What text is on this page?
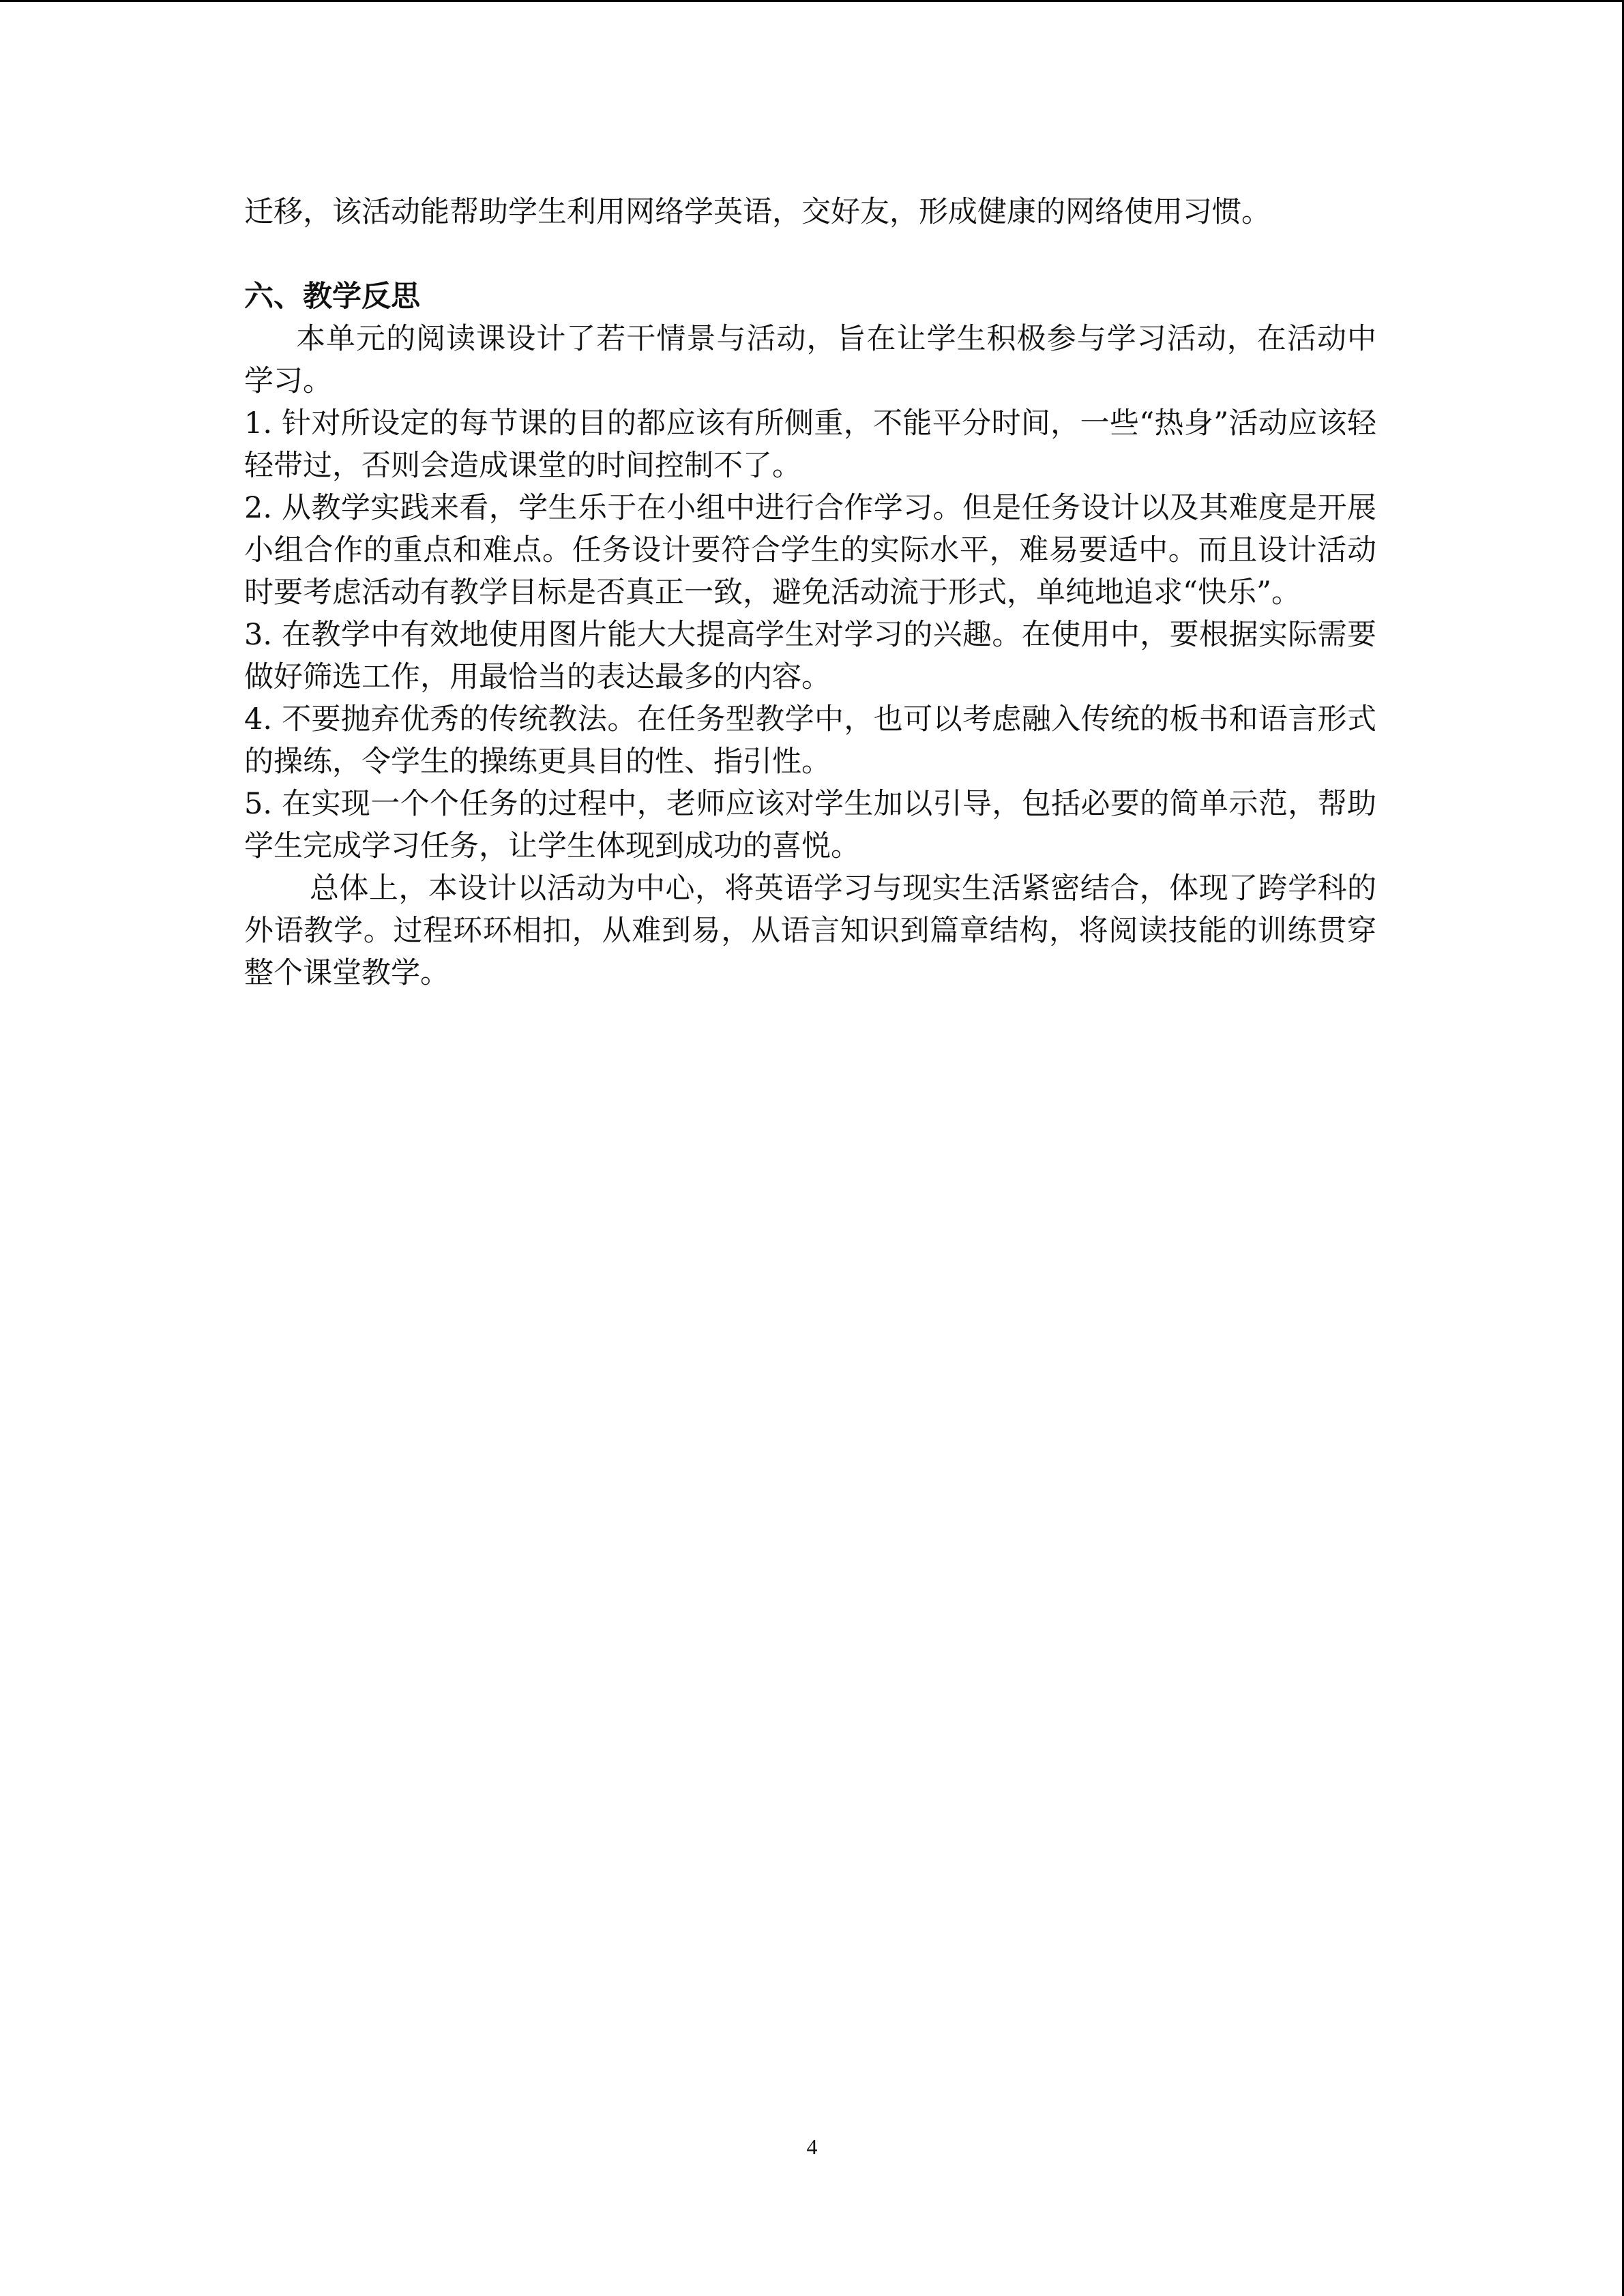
迁移，该活动能帮助学生利用网络学英语，交好友，形成健康的网络使用习惯。

六、教学反思

本单元的阅读课设计了若干情景与活动，旨在让学生积极参与学习活动，在活动中学习。

1. 针对所设定的每节课的目的都应该有所侧重，不能平分时间，一些“热身”活动应该轻轻带过，否则会造成课堂的时间控制不了。

2. 从教学实践来看，学生乐于在小组中进行合作学习。但是任务设计以及其难度是开展小组合作的重点和难点。任务设计要符合学生的实际水平，难易要适中。而且设计活动时要考虑活动有教学目标是否真正一致，避免活动流于形式，单纯地追求“快乐”。

3. 在教学中有效地使用图片能大大提高学生对学习的兴趣。在使用中，要根据实际需要做好筛选工作，用最恰当的表达最多的内容。

4. 不要抛弃优秀的传统教法。在任务型教学中，也可以考虑融入传统的板书和语言形式的操练，令学生的操练更具目的性、指引性。

5. 在实现一个个任务的过程中，老师应该对学生加以引导，包括必要的简单示范，帮助学生完成学习任务，让学生体现到成功的喜悦。

总体上，本设计以活动为中心，将英语学习与现实生活紧密结合，体现了跨学科的外语教学。过程环环相扣，从难到易，从语言知识到篇章结构，将阅读技能的训练贯穿整个课堂教学。

4
